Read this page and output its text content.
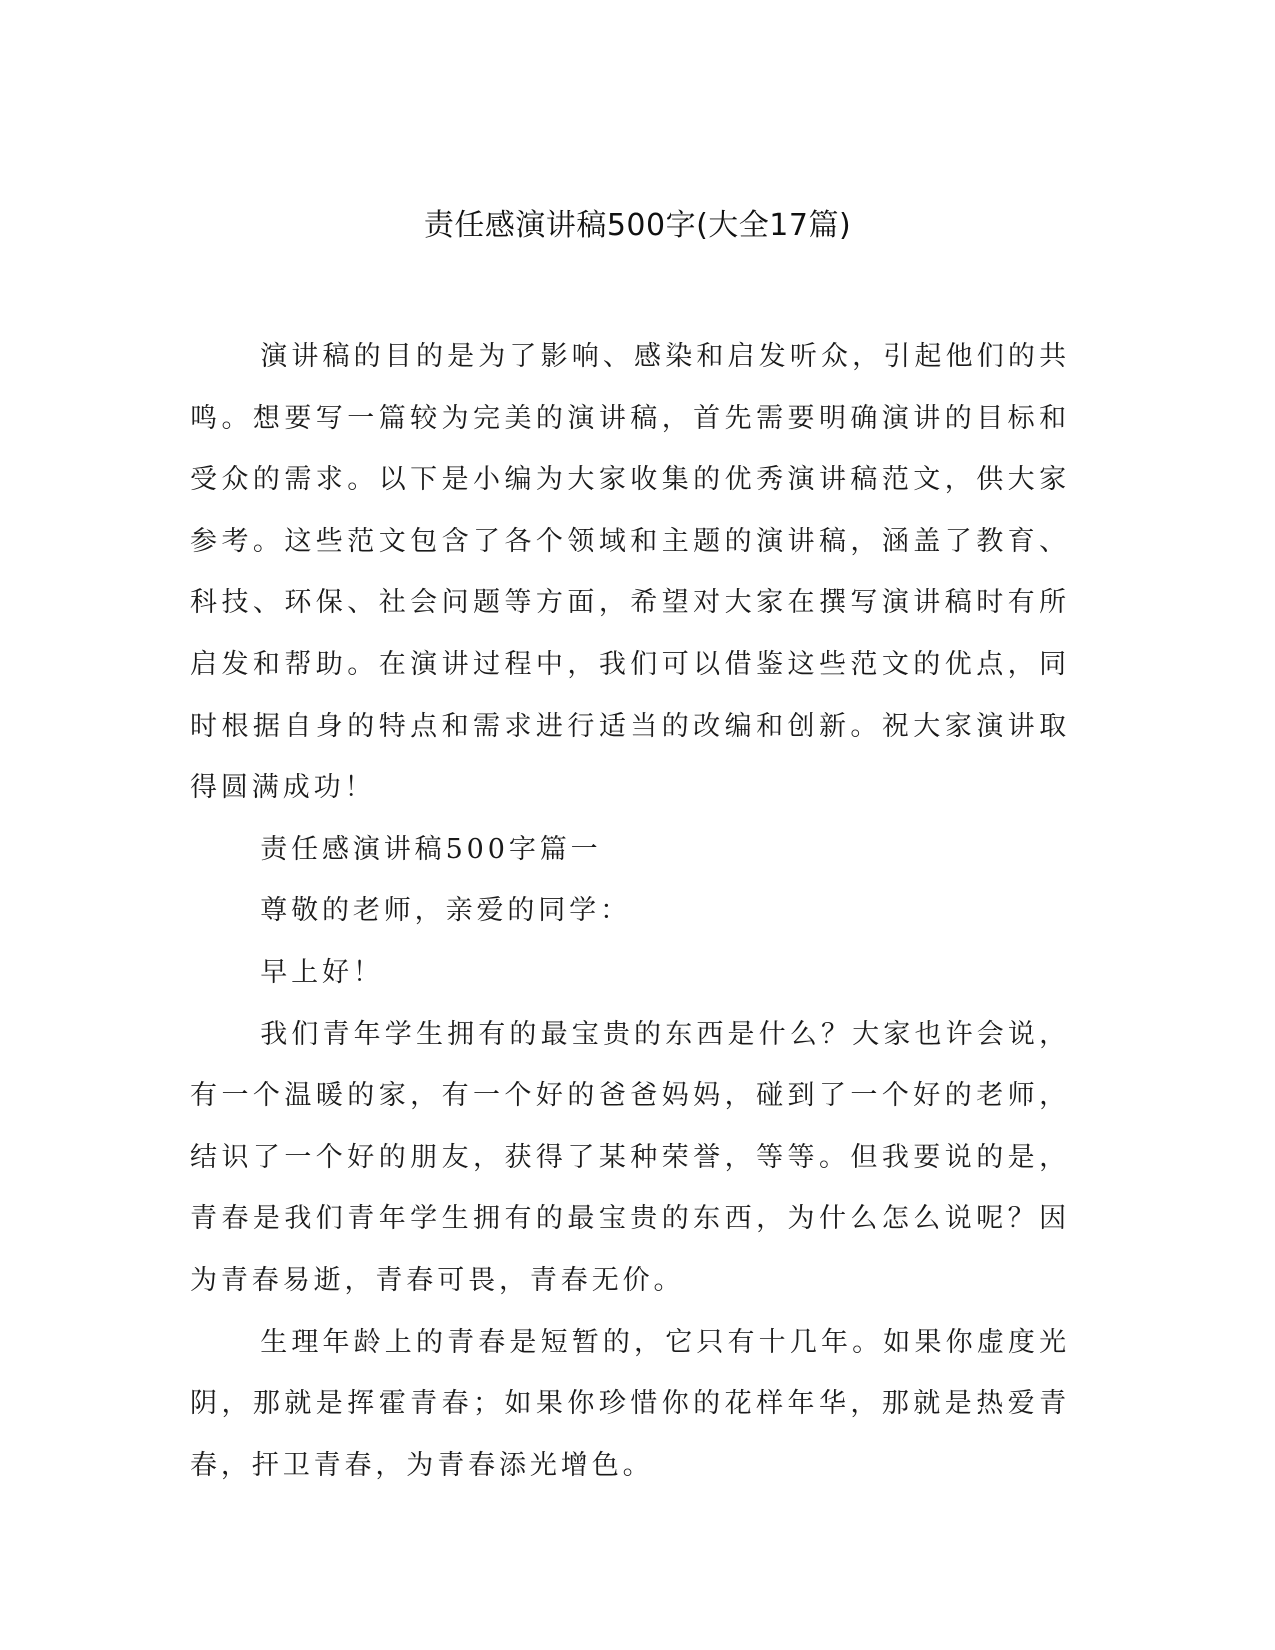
责任感演讲稿500字(大全17篇)

演讲稿的目的是为了影响、感染和启发听众，引起他们的共鸣。想要写一篇较为完美的演讲稿，首先需要明确演讲的目标和受众的需求。以下是小编为大家收集的优秀演讲稿范文，供大家参考。这些范文包含了各个领域和主题的演讲稿，涵盖了教育、科技、环保、社会问题等方面，希望对大家在撰写演讲稿时有所启发和帮助。在演讲过程中，我们可以借鉴这些范文的优点，同时根据自身的特点和需求进行适当的改编和创新。祝大家演讲取得圆满成功！

责任感演讲稿500字篇一

尊敬的老师，亲爱的同学：

早上好！

我们青年学生拥有的最宝贵的东西是什么？大家也许会说，有一个温暖的家，有一个好的爸爸妈妈，碰到了一个好的老师，结识了一个好的朋友，获得了某种荣誉，等等。但我要说的是，青春是我们青年学生拥有的最宝贵的东西，为什么怎么说呢？因为青春易逝，青春可畏，青春无价。

生理年龄上的青春是短暂的，它只有十几年。如果你虚度光阴，那就是挥霍青春；如果你珍惜你的花样年华，那就是热爱青春，扞卫青春，为青春添光增色。
